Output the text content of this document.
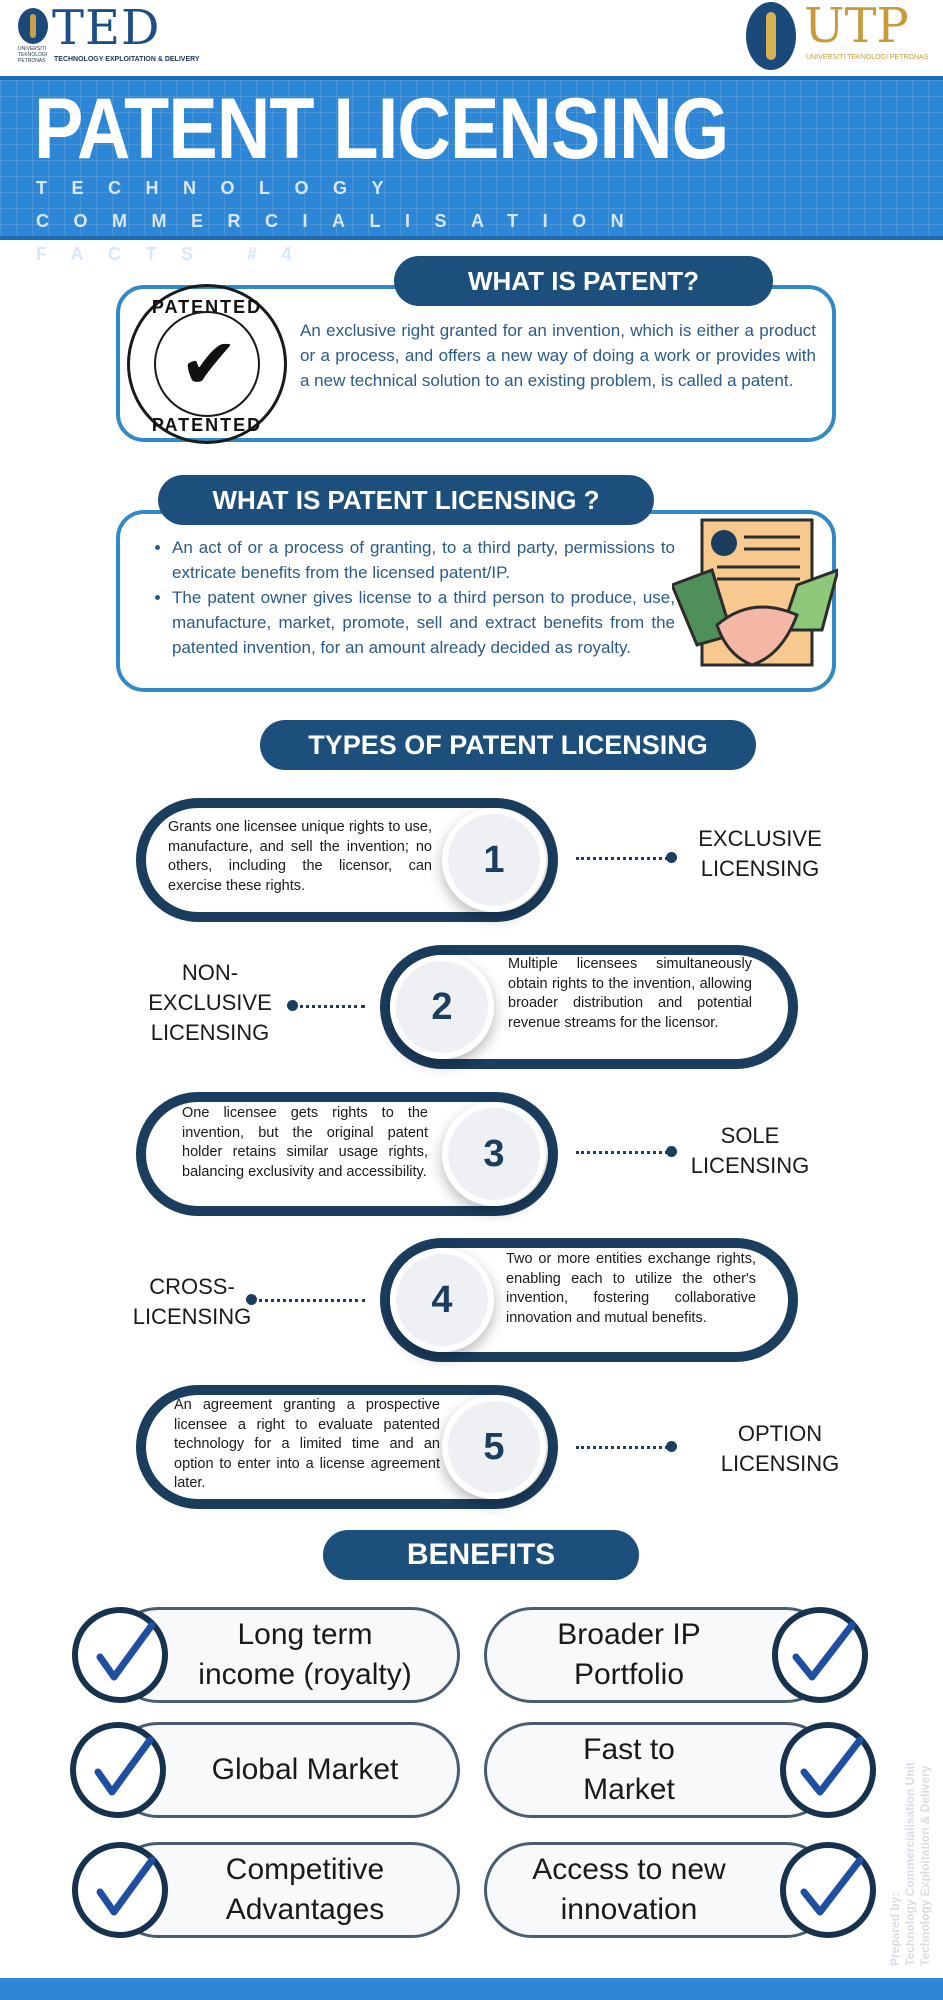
TED
UNIVERSITI TEKNOLOGI PETRONAS	TECHNOLOGY EXPLOITATION & DELIVERY
UTP
UNIVERSITI TEKNOLOGI PETRONAS
PATENT LICENSING
TECHNOLOGY COMMERCIALISATION FACTS #4
WHAT IS PATENT?
PATENTED
✔
PATENTED
An exclusive right granted for an invention, which is either a product or a process, and offers a new way of doing a work or provides with a new technical solution to an existing problem, is called a patent.
WHAT IS PATENT LICENSING ?
• An act of or a process of granting, to a third party, permissions to extricate benefits from the licensed patent/IP.
• The patent owner gives license to a third person to produce, use, manufacture, market, promote, sell and extract benefits from the patented invention, for an amount already decided as royalty.
TYPES OF PATENT LICENSING
Grants one licensee unique rights to use, manufacture, and sell the invention; no others, including the licensor, can exercise these rights.
1	EXCLUSIVE
LICENSING
2
Multiple licensees simultaneously obtain rights to the invention, allowing broader distribution and potential revenue streams for the licensor.
NON-
EXCLUSIVE
LICENSING
One licensee gets rights to the invention, but the original patent holder retains similar usage rights, balancing exclusivity and accessibility.	3	SOLE
LICENSING
4
Two or more entities exchange rights, enabling each to utilize the other's invention, fostering collaborative innovation and mutual benefits.
CROSS-
LICENSING
An agreement granting a prospective licensee a right to evaluate patented technology for a limited time and an option to enter into a license agreement later.
5	OPTION
LICENSING
BENEFITS
Long term
income (royalty)
Broader IP
Portfolio
Global Market
Fast to
Market
Competitive
Advantages
Access to new
innovation	Prepared by: Technology Commercialisation Unit Technology Exploitation & Delivery
